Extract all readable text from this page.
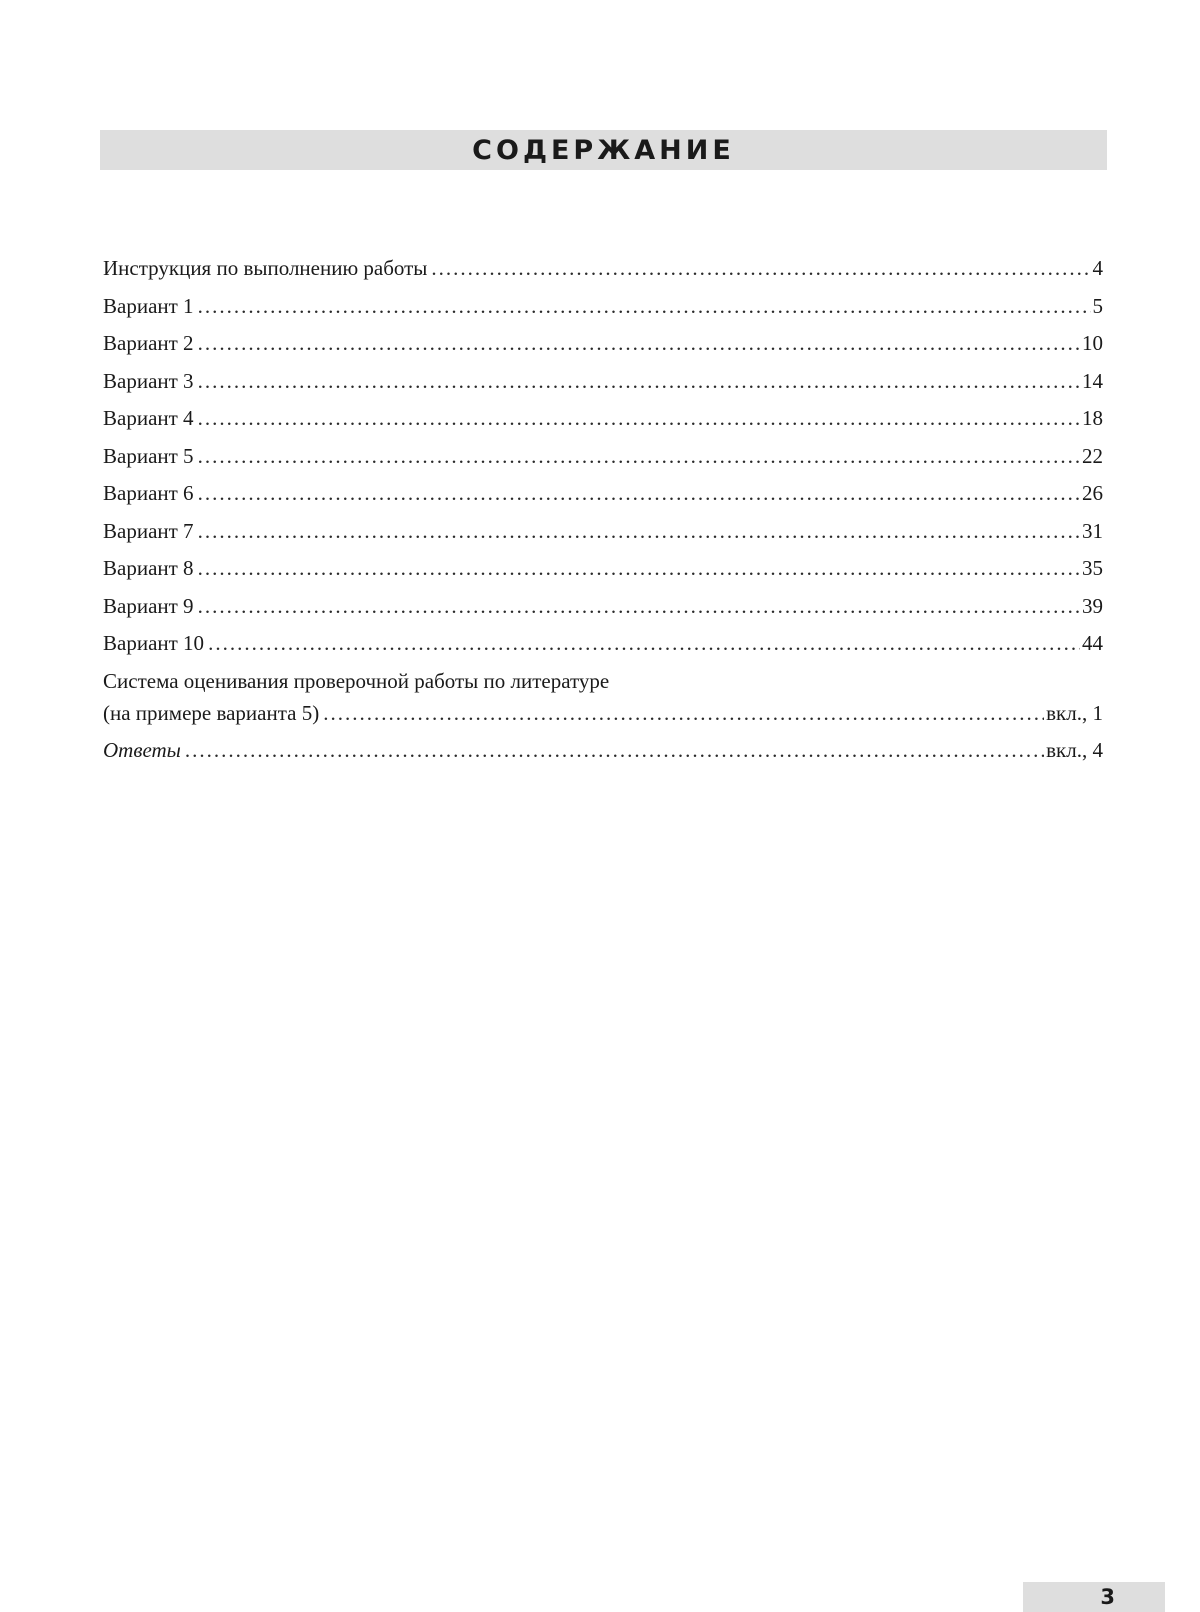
СОДЕРЖАНИЕ
Инструкция по выполнению работы .....	4
Вариант 1 .....	5
Вариант 2 .....	10
Вариант 3 .....	14
Вариант 4 .....	18
Вариант 5 .....	22
Вариант 6 .....	26
Вариант 7 .....	31
Вариант 8 .....	35
Вариант 9 .....	39
Вариант 10 .....	44
Система оценивания проверочной работы по литературе
(на примере варианта 5) .....	вкл., 1
Ответы .....	вкл., 4
3
